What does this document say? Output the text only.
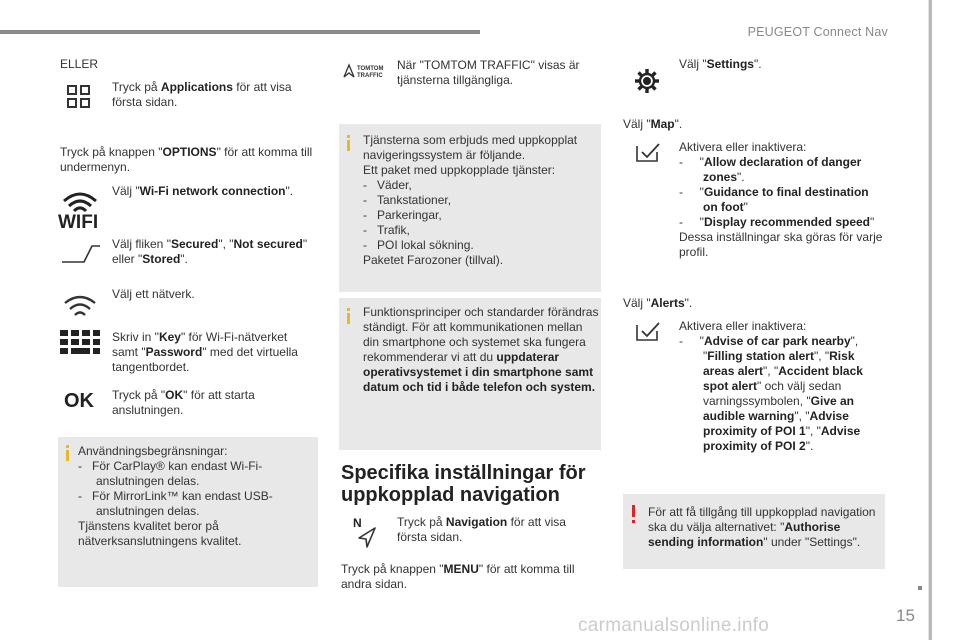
PEUGEOT Connect Nav
15
carmanualsonline.info
ELLER
Tryck på Applications för att visa första sidan.
Tryck på knappen "OPTIONS" för att komma till undermenyn.
WIFI
Välj "Wi-Fi network connection".
Välj fliken "Secured", "Not secured" eller "Stored".
Välj ett nätverk.
Skriv in "Key" för Wi-Fi-nätverket samt "Password" med det virtuella tangentbordet.
OK Tryck på "OK" för att starta anslutningen.
Användningsbegränsningar:
-   För CarPlay® kan endast Wi-Fi-anslutningen delas.
-   För MirrorLink™ kan endast USB-anslutningen delas.
Tjänstens kvalitet beror på nätverksanslutningens kvalitet.
TOMTOM
TRAFFIC
När "TOMTOM TRAFFIC" visas är tjänsterna tillgängliga.
Tjänsterna som erbjuds med uppkopplat navigeringssystem är följande.
Ett paket med uppkopplade tjänster:
-   Väder,
-   Tankstationer,
-   Parkeringar,
-   Trafik,
-   POI lokal sökning.
Paketet Farozoner (tillval).
Funktionsprinciper och standarder förändras ständigt. För att kommunikationen mellan din smartphone och systemet ska fungera rekommenderar vi att du uppdaterar operativsystemet i din smartphone samt datum och tid i både telefon och system.
Specifika inställningar för uppkopplad navigation
N	Tryck på Navigation för att visa första sidan.
Tryck på knappen "MENU" för att komma till andra sidan.
Välj "Settings".
Välj "Map".
Aktivera eller inaktivera:
-     "Allow declaration of danger zones".
-     "Guidance to final destination on foot"
-     "Display recommended speed"
Dessa inställningar ska göras för varje profil.
Välj "Alerts".
Aktivera eller inaktivera:
-     "Advise of car park nearby", "Filling station alert", "Risk areas alert", "Accident black spot alert" och välj sedan varningssymbolen, "Give an audible warning", "Advise proximity of POI 1", "Advise proximity of POI 2".
För att få tillgång till uppkopplad navigation ska du välja alternativet: "Authorise sending information" under "Settings".
